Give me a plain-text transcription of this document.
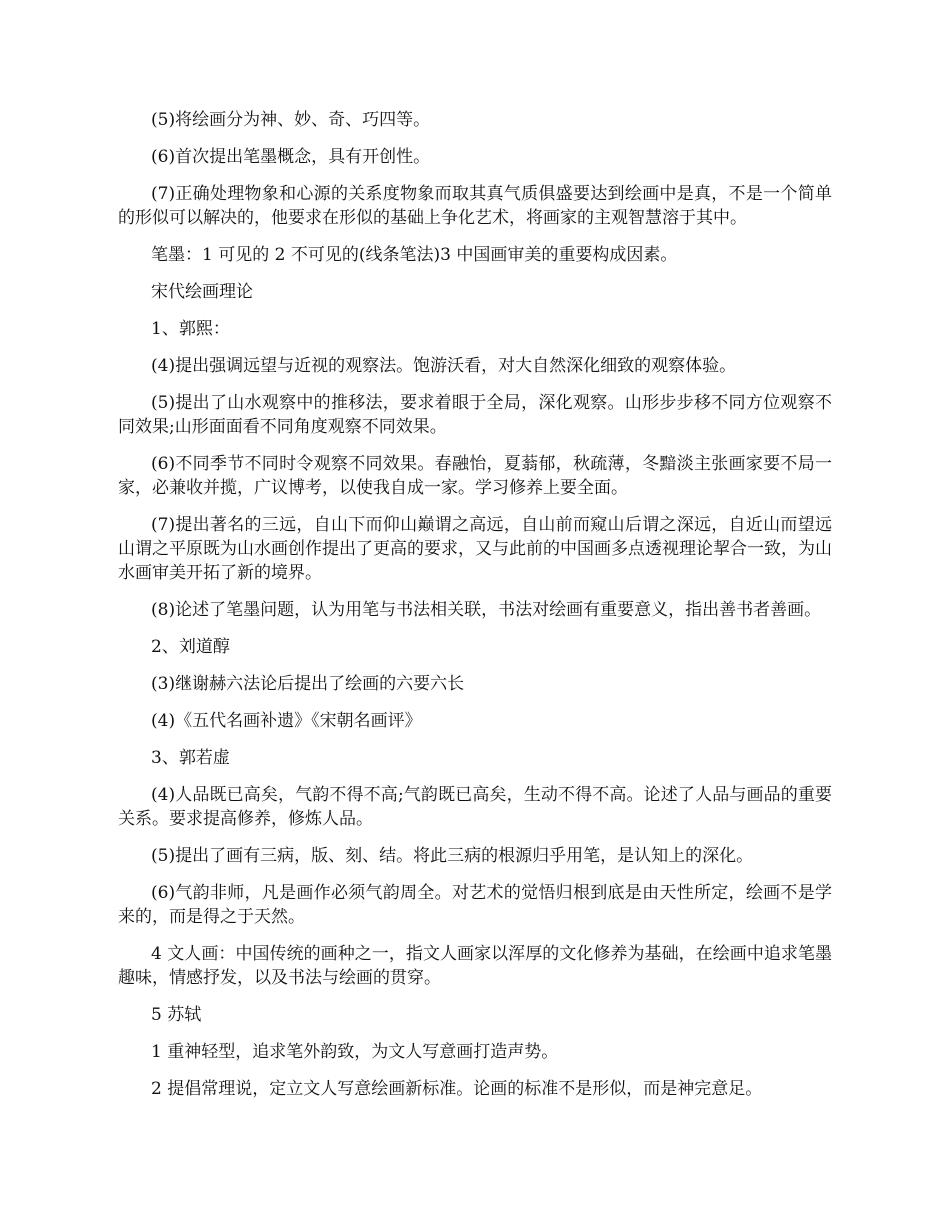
(5)将绘画分为神、妙、奇、巧四等。

(6)首次提出笔墨概念，具有开创性。

(7)正确处理物象和心源的关系度物象而取其真气质俱盛要达到绘画中是真，不是一个简单的形似可以解决的，他要求在形似的基础上争化艺术，将画家的主观智慧溶于其中。

笔墨：1 可见的 2 不可见的(线条笔法)3 中国画审美的重要构成因素。

宋代绘画理论

1、郭熙：

(4)提出强调远望与近视的观察法。饱游沃看，对大自然深化细致的观察体验。

(5)提出了山水观察中的推移法，要求着眼于全局，深化观察。山形步步移不同方位观察不同效果;山形面面看不同角度观察不同效果。

(6)不同季节不同时令观察不同效果。春融怡，夏蓊郁，秋疏薄，冬黯淡主张画家要不局一家，必兼收并揽，广议博考，以使我自成一家。学习修养上要全面。

(7)提出著名的三远，自山下而仰山巅谓之高远，自山前而窥山后谓之深远，自近山而望远山谓之平原既为山水画创作提出了更高的要求，又与此前的中国画多点透视理论挈合一致，为山水画审美开拓了新的境界。

(8)论述了笔墨问题，认为用笔与书法相关联，书法对绘画有重要意义，指出善书者善画。

2、刘道醇

(3)继谢赫六法论后提出了绘画的六要六长

(4)《五代名画补遗》《宋朝名画评》

3、郭若虚

(4)人品既已高矣，气韵不得不高;气韵既已高矣，生动不得不高。论述了人品与画品的重要关系。要求提高修养，修炼人品。

(5)提出了画有三病，版、刻、结。将此三病的根源归乎用笔，是认知上的深化。

(6)气韵非师，凡是画作必须气韵周全。对艺术的觉悟归根到底是由天性所定，绘画不是学来的，而是得之于天然。

4 文人画：中国传统的画种之一，指文人画家以浑厚的文化修养为基础，在绘画中追求笔墨趣味，情感抒发，以及书法与绘画的贯穿。

5 苏轼

1 重神轻型，追求笔外韵致，为文人写意画打造声势。

2 提倡常理说，定立文人写意绘画新标准。论画的标准不是形似，而是神完意足。
